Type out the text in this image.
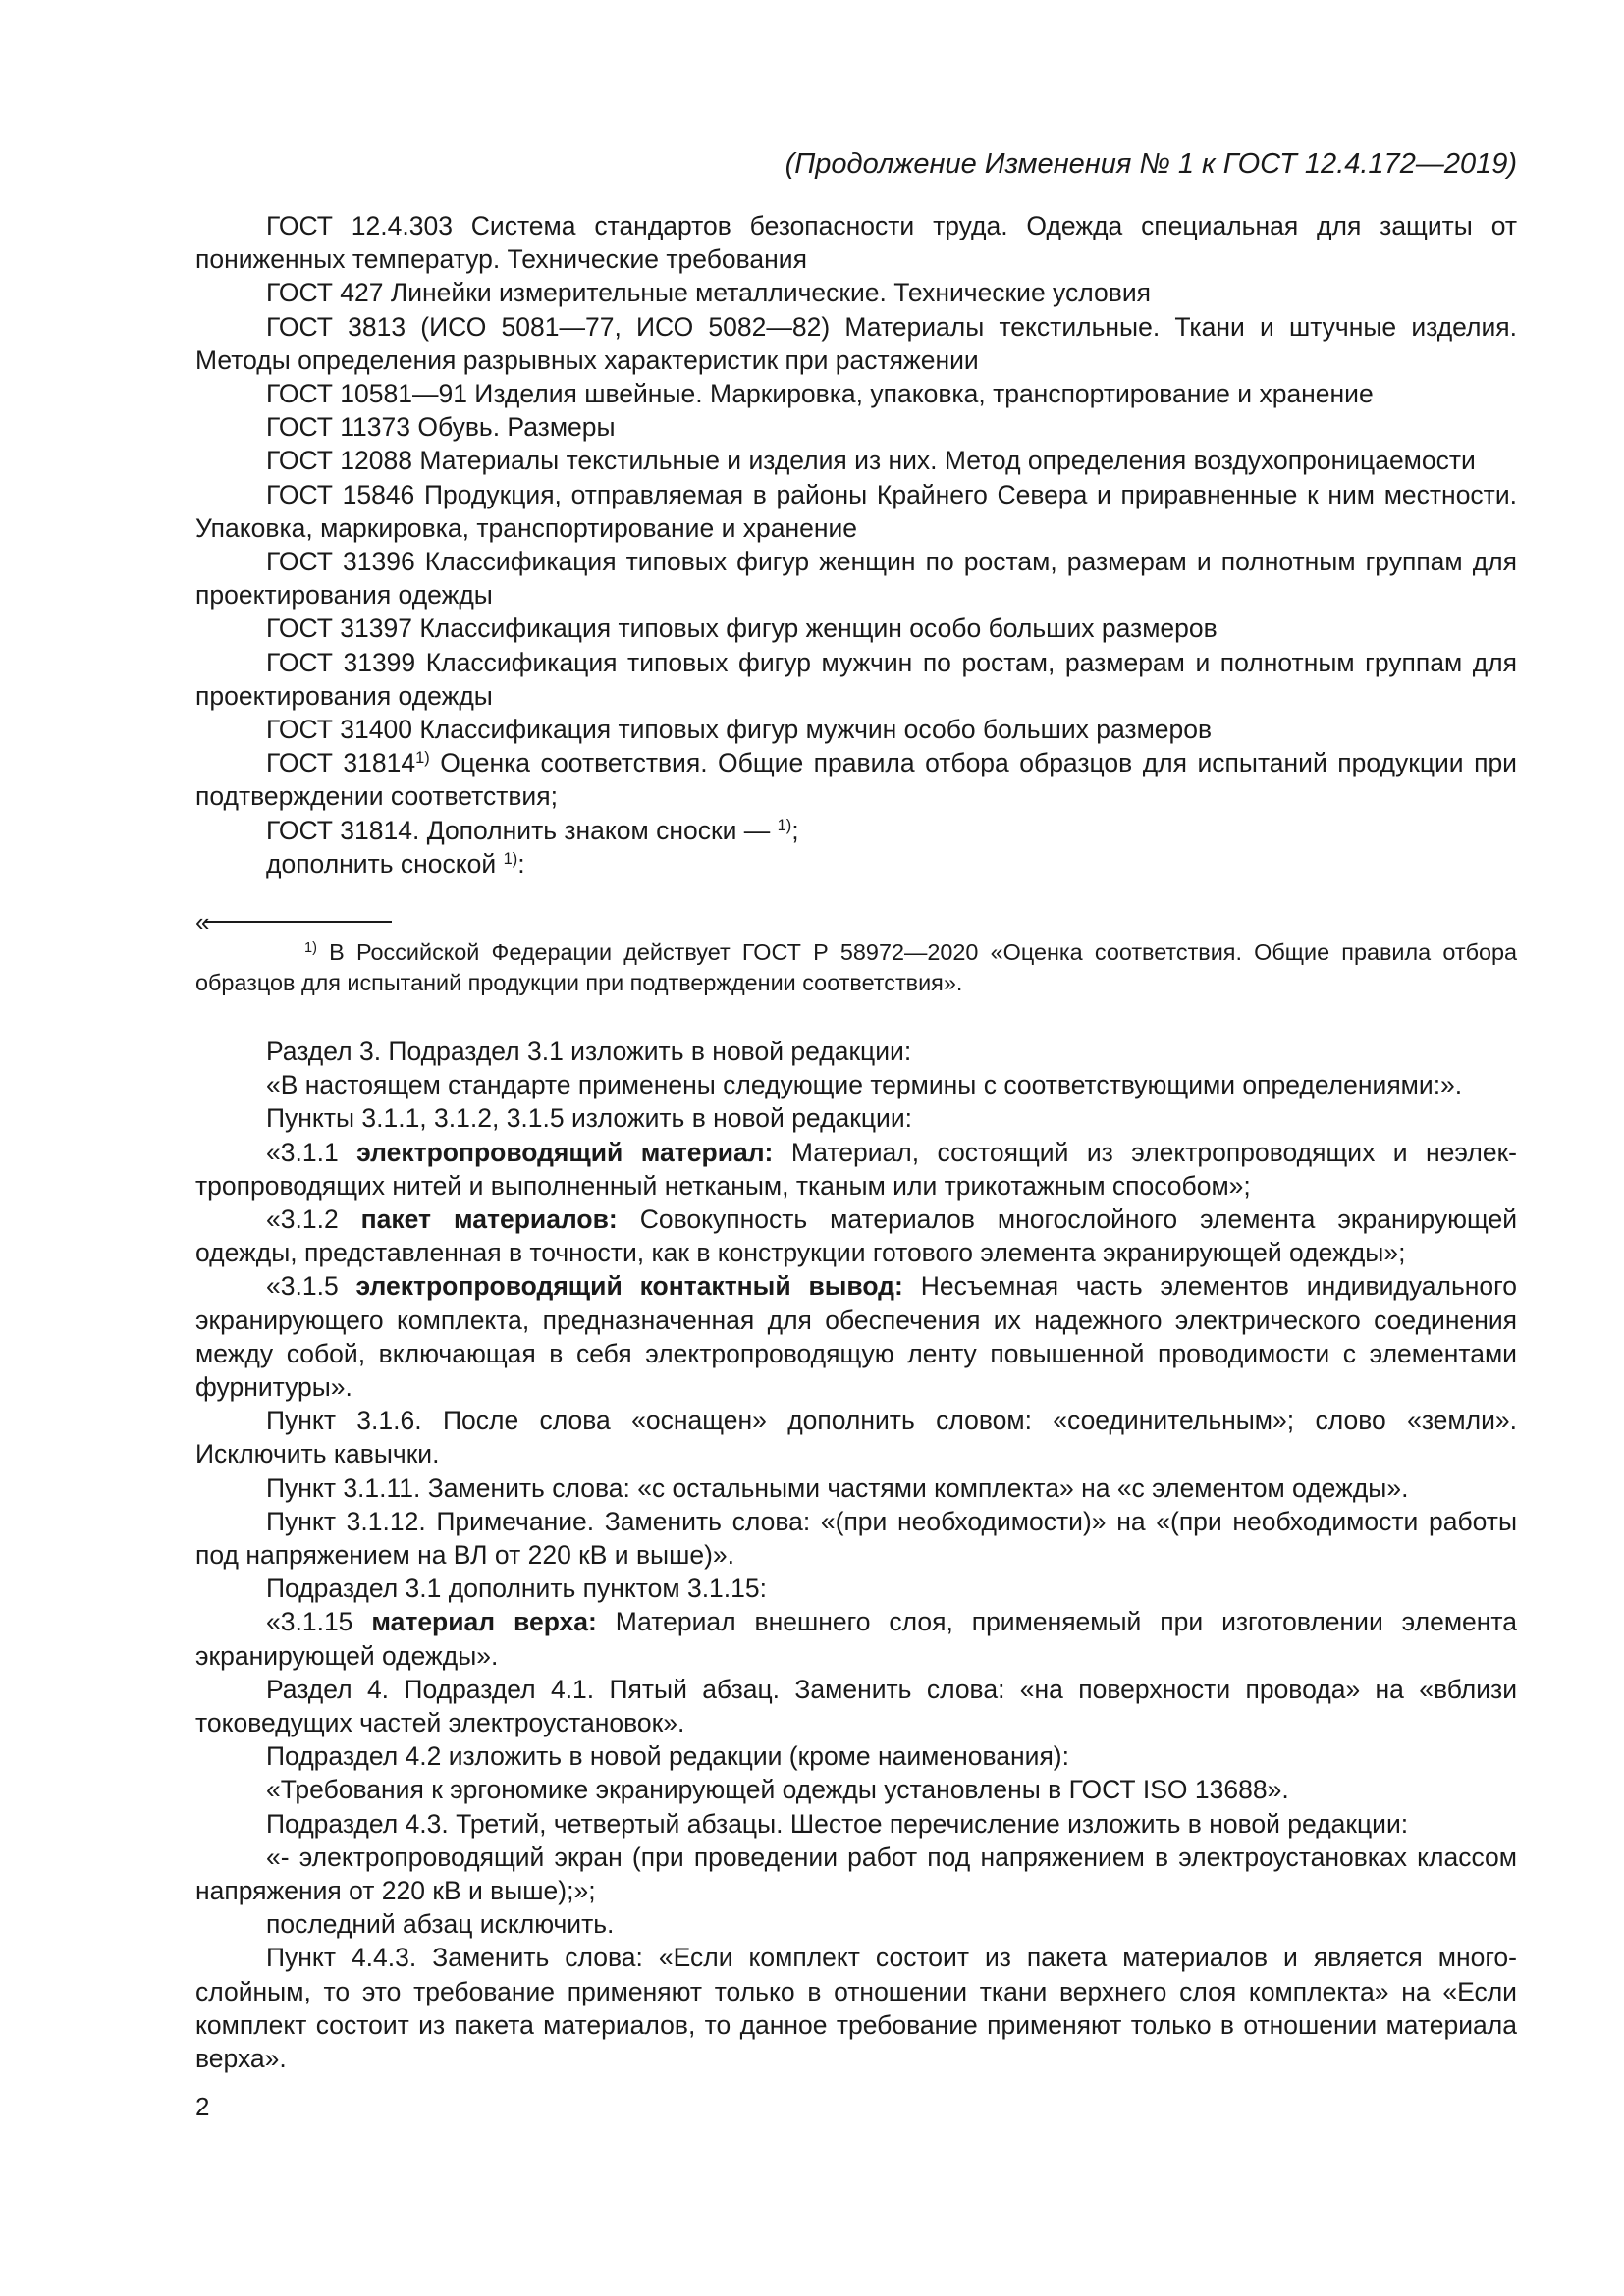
(Продолжение Изменения № 1 к ГОСТ 12.4.172—2019)

ГОСТ 12.4.303 Система стандартов безопасности труда. Одежда специальная для защиты от пониженных температур. Технические требования

ГОСТ 427 Линейки измерительные металлические. Технические условия

ГОСТ 3813 (ИСО 5081—77, ИСО 5082—82) Материалы текстильные. Ткани и штучные изделия. Методы определения разрывных характеристик при растяжении

ГОСТ 10581—91 Изделия швейные. Маркировка, упаковка, транспортирование и хранение

ГОСТ 11373 Обувь. Размеры

ГОСТ 12088 Материалы текстильные и изделия из них. Метод определения воздухопроницаемости

ГОСТ 15846 Продукция, отправляемая в районы Крайнего Севера и приравненные к ним местности. Упаковка, маркировка, транспортирование и хранение

ГОСТ 31396 Классификация типовых фигур женщин по ростам, размерам и полнотным группам для проектирования одежды

ГОСТ 31397 Классификация типовых фигур женщин особо больших размеров

ГОСТ 31399 Классификация типовых фигур мужчин по ростам, размерам и полнотным группам для проектирования одежды

ГОСТ 31400 Классификация типовых фигур мужчин особо больших размеров

ГОСТ 31814$^{1)}$ Оценка соответствия. Общие правила отбора образцов для испытаний продукции при подтверждении соответствия;

ГОСТ 31814. Дополнить знаком сноски — $^{1)}$;

дополнить сноской $^{1)}$:

«

$^{1)}$ В Российской Федерации действует ГОСТ Р 58972—2020 «Оценка соответствия. Общие правила отбора образцов для испытаний продукции при подтверждении соответствия».

Раздел 3. Подраздел 3.1 изложить в новой редакции:

«В настоящем стандарте применены следующие термины с соответствующими определениями:».

Пункты 3.1.1, 3.1.2, 3.1.5 изложить в новой редакции:

«3.1.1 электропроводящий материал: Материал, состоящий из электропроводящих и неэлектропроводящих нитей и выполненный нетканым, тканым или трикотажным способом»;

«3.1.2 пакет материалов: Совокупность материалов многослойного элемента экранирующей одежды, представленная в точности, как в конструкции готового элемента экранирующей одежды»;

«3.1.5 электропроводящий контактный вывод: Несъемная часть элементов индивидуального экранирующего комплекта, предназначенная для обеспечения их надежного электрического соединения между собой, включающая в себя электропроводящую ленту повышенной проводимости с элементами фурнитуры».

Пункт 3.1.6. После слова «оснащен» дополнить словом: «соединительным»; слово «земли». Исключить кавычки.

Пункт 3.1.11. Заменить слова: «с остальными частями комплекта» на «с элементом одежды».

Пункт 3.1.12. Примечание. Заменить слова: «(при необходимости)» на «(при необходимости работы под напряжением на ВЛ от 220 кВ и выше)».

Подраздел 3.1 дополнить пунктом 3.1.15:

«3.1.15 материал верха: Материал внешнего слоя, применяемый при изготовлении элемента экранирующей одежды».

Раздел 4. Подраздел 4.1. Пятый абзац. Заменить слова: «на поверхности провода» на «вблизи токоведущих частей электроустановок».

Подраздел 4.2 изложить в новой редакции (кроме наименования):

«Требования к эргономике экранирующей одежды установлены в ГОСТ ISO 13688».

Подраздел 4.3. Третий, четвертый абзацы. Шестое перечисление изложить в новой редакции:

«- электропроводящий экран (при проведении работ под напряжением в электроустановках классом напряжения от 220 кВ и выше);»;

последний абзац исключить.

Пункт 4.4.3. Заменить слова: «Если комплект состоит из пакета материалов и является многослойным, то это требование применяют только в отношении ткани верхнего слоя комплекта» на «Если комплект состоит из пакета материалов, то данное требование применяют только в отношении материала верха».

2
